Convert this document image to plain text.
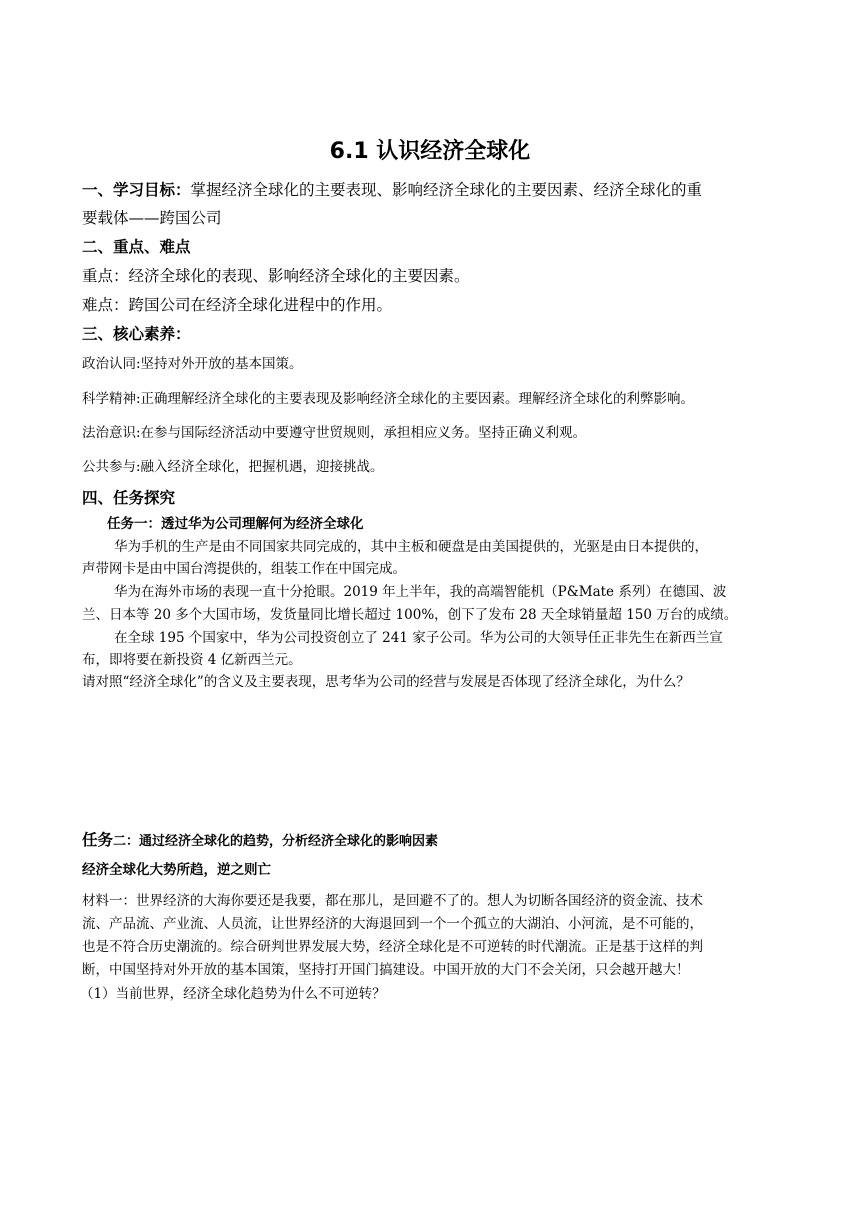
6.1 认识经济全球化
一、学习目标：掌握经济全球化的主要表现、影响经济全球化的主要因素、经济全球化的重
要载体——跨国公司
二、重点、难点
重点：经济全球化的表现、影响经济全球化的主要因素。
难点：跨国公司在经济全球化进程中的作用。
三、核心素养：
政治认同:坚持对外开放的基本国策。
科学精神:正确理解经济全球化的主要表现及影响经济全球化的主要因素。理解经济全球化的利弊影响。
法治意识:在参与国际经济活动中要遵守世贸规则，承担相应义务。坚持正确义利观。
公共参与:融入经济全球化，把握机遇，迎接挑战。
四、任务探究
任务一：透过华为公司理解何为经济全球化
华为手机的生产是由不同国家共同完成的，其中主板和硬盘是由美国提供的，光驱是由日本提供的，
声带网卡是由中国台湾提供的，组装工作在中国完成。
华为在海外市场的表现一直十分抢眼。2019 年上半年，我的高端智能机（P&Mate 系列）在德国、波
兰、日本等 20 多个大国市场，发货量同比增长超过 100%，创下了发布 28 天全球销量超 150 万台的成绩。
在全球 195 个国家中，华为公司投资创立了 241 家子公司。华为公司的大领导任正非先生在新西兰宣
布，即将要在新投资 4 亿新西兰元。
请对照“经济全球化”的含义及主要表现，思考华为公司的经营与发展是否体现了经济全球化，为什么？
任务二：通过经济全球化的趋势，分析经济全球化的影响因素
经济全球化大势所趋，逆之则亡
材料一：世界经济的大海你要还是我要，都在那儿，是回避不了的。想人为切断各国经济的资金流、技术
流、产品流、产业流、人员流，让世界经济的大海退回到一个一个孤立的大湖泊、小河流，是不可能的，
也是不符合历史潮流的。综合研判世界发展大势，经济全球化是不可逆转的时代潮流。正是基于这样的判
断，中国坚持对外开放的基本国策，坚持打开国门搞建设。中国开放的大门不会关闭，只会越开越大！
（1）当前世界，经济全球化趋势为什么不可逆转？
